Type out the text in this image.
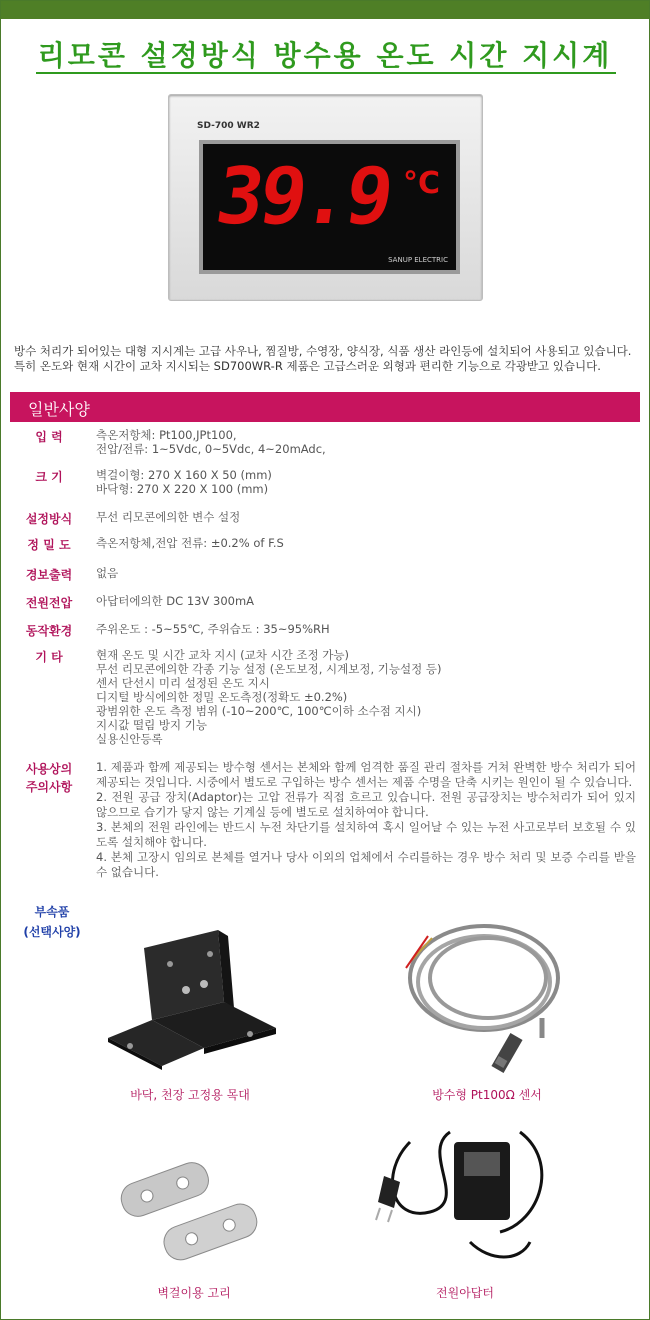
리모콘 설정방식 방수용 온도 시간 지시계
SD-700 WR2
39.9 °C
SANUP ELECTRIC
방수 처리가 되어있는 대형 지시계는 고급 사우나, 찜질방, 수영장, 양식장, 식품 생산 라인등에 설치되어 사용되고 있습니다. 특히 온도와 현재 시간이 교차 지시되는 SD700WR-R 제품은 고급스러운 외형과 편리한 기능으로 각광받고 있습니다.
일반사양
입 력	측온저항체: Pt100,JPt100,
전압/전류: 1~5Vdc, 0~5Vdc, 4~20mAdc,
크 기	벽걸이형: 270 X 160 X 50 (mm)
바닥형: 270 X 220 X 100 (mm)
설정방식	무선 리모콘에의한 변수 설정
정 밀 도	측온저항체,전압 전류: ±0.2% of F.S
경보출력	없음
전원전압	아답터에의한 DC 13V 300mA
동작환경	주위온도 : -5~55℃, 주위습도 : 35~95%RH
기 타	현재 온도 및 시간 교차 지시 (교차 시간 조정 가능)
무선 리모콘에의한 각종 기능 설정 (온도보정, 시계보정, 기능설정 등)
센서 단선시 미리 설정된 온도 지시
디지털 방식에의한 정밀 온도측정(정확도 ±0.2%)
광범위한 온도 측정 범위 (-10~200℃, 100℃이하 소수점 지시)
지시값 떨림 방지 기능
실용신안등록
사용상의
주의사항
1. 제품과 함께 제공되는 방수형 센서는 본체와 함께 엄격한 품질 관리 절차를 거쳐 완벽한 방수 처리가 되어 제공되는 것입니다. 시중에서 별도로 구입하는 방수 센서는 제품 수명을 단축 시키는 원인이 될 수 있습니다.
2. 전원 공급 장치(Adaptor)는 고압 전류가 직접 흐르고 있습니다. 전원 공급장치는 방수처리가 되어 있지 않으므로 습기가 닿지 않는 기계실 등에 별도로 설치하여야 합니다.
3. 본체의 전원 라인에는 반드시 누전 차단기를 설치하여 혹시 일어날 수 있는 누전 사고로부터 보호될 수 있도록 설치해야 합니다.
4. 본체 고장시 임의로 본체를 열거나 당사 이외의 업체에서 수리를하는 경우 방수 처리 및 보증 수리를 받을 수 없습니다.
부속품
(선택사양)
바닥, 천장 고정용 목대	방수형 Pt100Ω 센서
벽걸이용 고리	전원아답터
